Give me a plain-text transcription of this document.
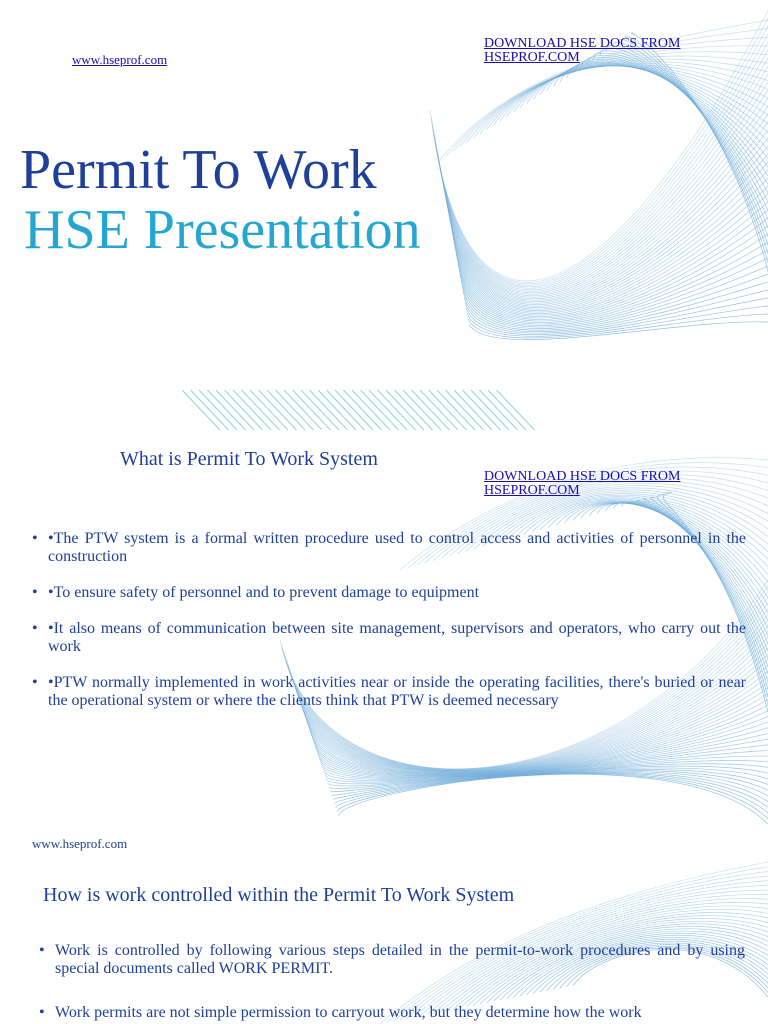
www.hseprof.com
DOWNLOAD HSE DOCS FROM HSEPROF.COM
Permit To Work
HSE Presentation
What is Permit To Work System
DOWNLOAD HSE DOCS FROM HSEPROF.COM
• •The PTW system is a formal written procedure used to control access and activities of personnel in the construction
• •To ensure safety of personnel and to prevent damage to equipment
• •It also means of communication between site management, supervisors and operators, who carry out the work
• •PTW normally implemented in work activities near or inside the operating facilities, there's buried or near the operational system or where the clients think that PTW is deemed necessary
www.hseprof.com
How is work controlled within the Permit To Work System
• Work is controlled by following various steps detailed in the permit-to-work procedures and by using special documents called WORK PERMIT.
• Work permits are not simple permission to carryout work, but they determine how the work
